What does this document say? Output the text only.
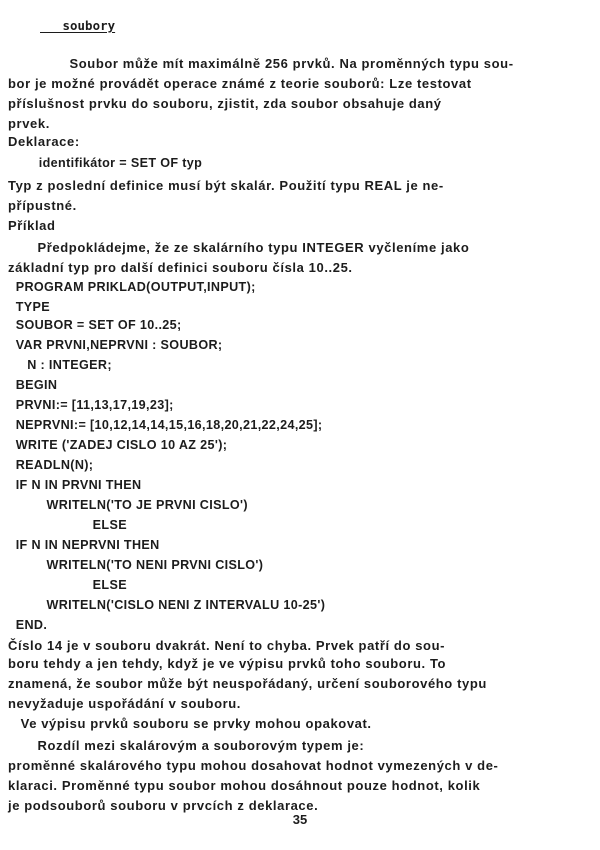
soubory
Soubor může mít maximálně 256 prvků. Na proměnných typu sou-
bor je možné provádět operace známé z teorie souborů: Lze testovat
příslušnost prvku do souboru, zjistit, zda soubor obsahuje daný
prvek.
Deklarace:
identifikátor = SET OF typ
Typ z poslední definice musí být skalár. Použití typu REAL je ne-
přípustné.
Příklad
Předpokládejme, že ze skalárního typu INTEGER vyčleníme jako
základní typ pro další definici souboru čísla 10..25.
PROGRAM PRIKLAD(OUTPUT,INPUT);
TYPE
SOUBOR = SET OF 10..25;
VAR PRVNI,NEPRVNI : SOUBOR;
N : INTEGER;
BEGIN
PRVNI:= [11,13,17,19,23];
NEPRVNI:= [10,12,14,14,15,16,18,20,21,22,24,25];
WRITE ('ZADEJ CISLO 10 AZ 25');
READLN(N);
IF N IN PRVNI THEN
WRITELN('TO JE PRVNI CISLO')
ELSE
IF N IN NEPRVNI THEN
WRITELN('TO NENI PRVNI CISLO')
ELSE
WRITELN('CISLO NENI Z INTERVALU 10-25')
END.
Číslo 14 je v souboru dvakrát. Není to chyba. Prvek patří do sou-
boru tehdy a jen tehdy, když je ve výpisu prvků toho souboru. To
znamená, že soubor může být neuspořádaný, určení souborového typu
nevyžaduje uspořádání v souboru.
Ve výpisu prvků souboru se prvky mohou opakovat.
Rozdíl mezi skalárovým a souborovým typem je:
proměnné skalárového typu mohou dosahovat hodnot vymezených v de-
klaraci. Proměnné typu soubor mohou dosáhnout pouze hodnot, kolik
je podsouborů souboru v prvcích z deklarace.
35
